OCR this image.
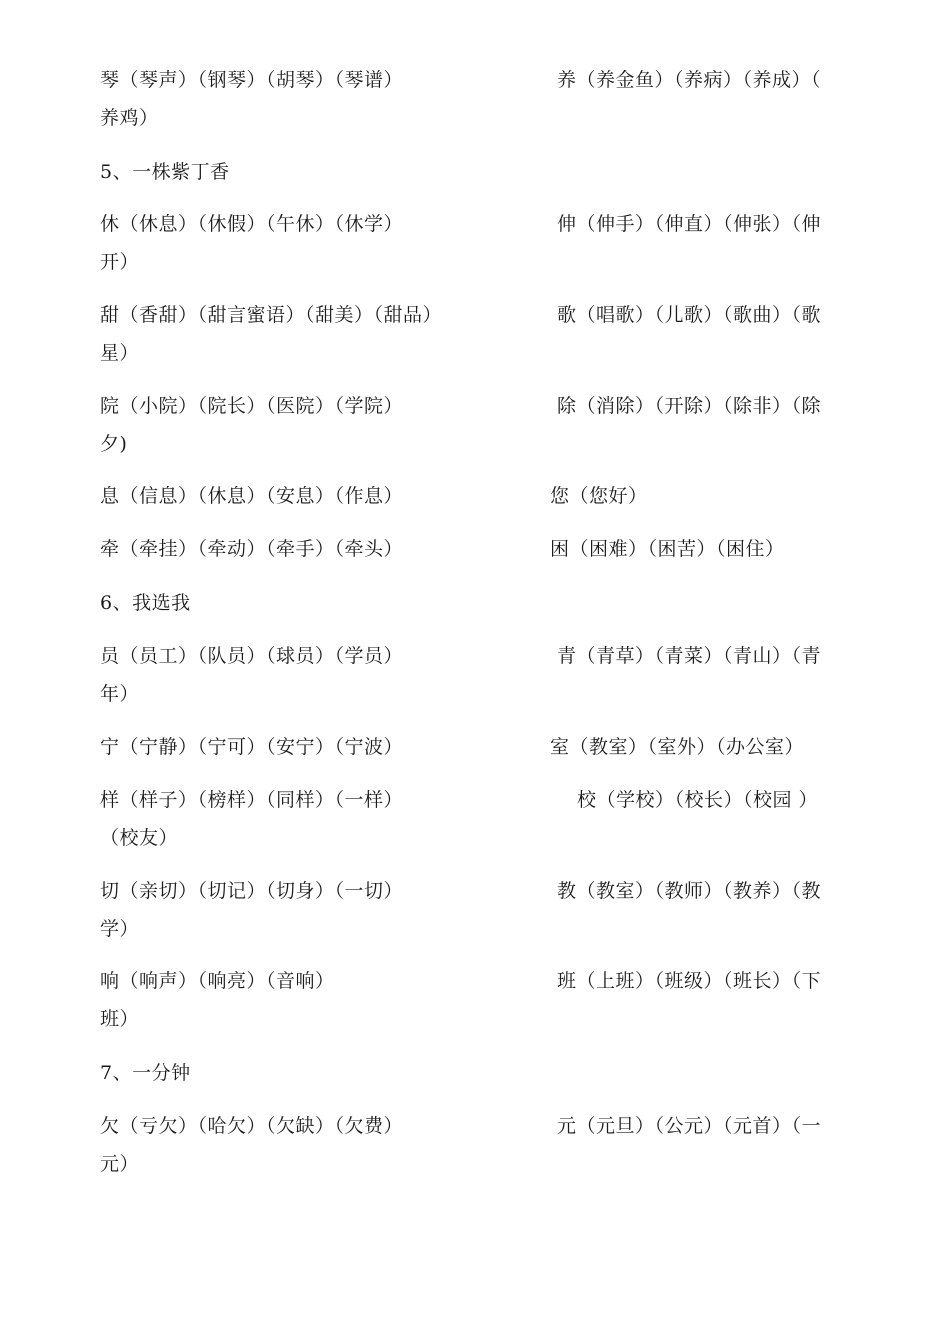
琴（琴声）（钢琴）（胡琴）（琴谱）	养（养金鱼）（养病）（养成）（
养鸡）
5、一株紫丁香
休（休息）（休假）（午休）（休学）	伸（伸手）（伸直）（伸张）（伸
开）
甜（香甜）（甜言蜜语）（甜美）（甜品）	歌（唱歌）（儿歌）（歌曲）（歌
星）
院（小院）（院长）（医院）（学院）	除（消除）（开除）（除非）（除
夕)
息（信息）（休息）（安息）（作息）	您（您好）
牵（牵挂）（牵动）（牵手）（牵头）	困（困难）（困苦）（困住）
6、我选我
员（员工）（队员）（球员）（学员）	青（青草）（青菜）（青山）（青
年）
宁（宁静）（宁可）（安宁）（宁波）	室（教室）（室外）（办公室）
样（样子）（榜样）（同样）（一样）	校（学校）（校长）（校园 ）
（校友）
切（亲切）（切记）（切身）（一切）	教（教室）（教师）（教养）（教
学）
响（响声）（响亮）（音响）	班（上班）（班级）（班长）（下
班）
7、一分钟
欠（亏欠）（哈欠）（欠缺）（欠费）	元（元旦）（公元）（元首）（一
元）
